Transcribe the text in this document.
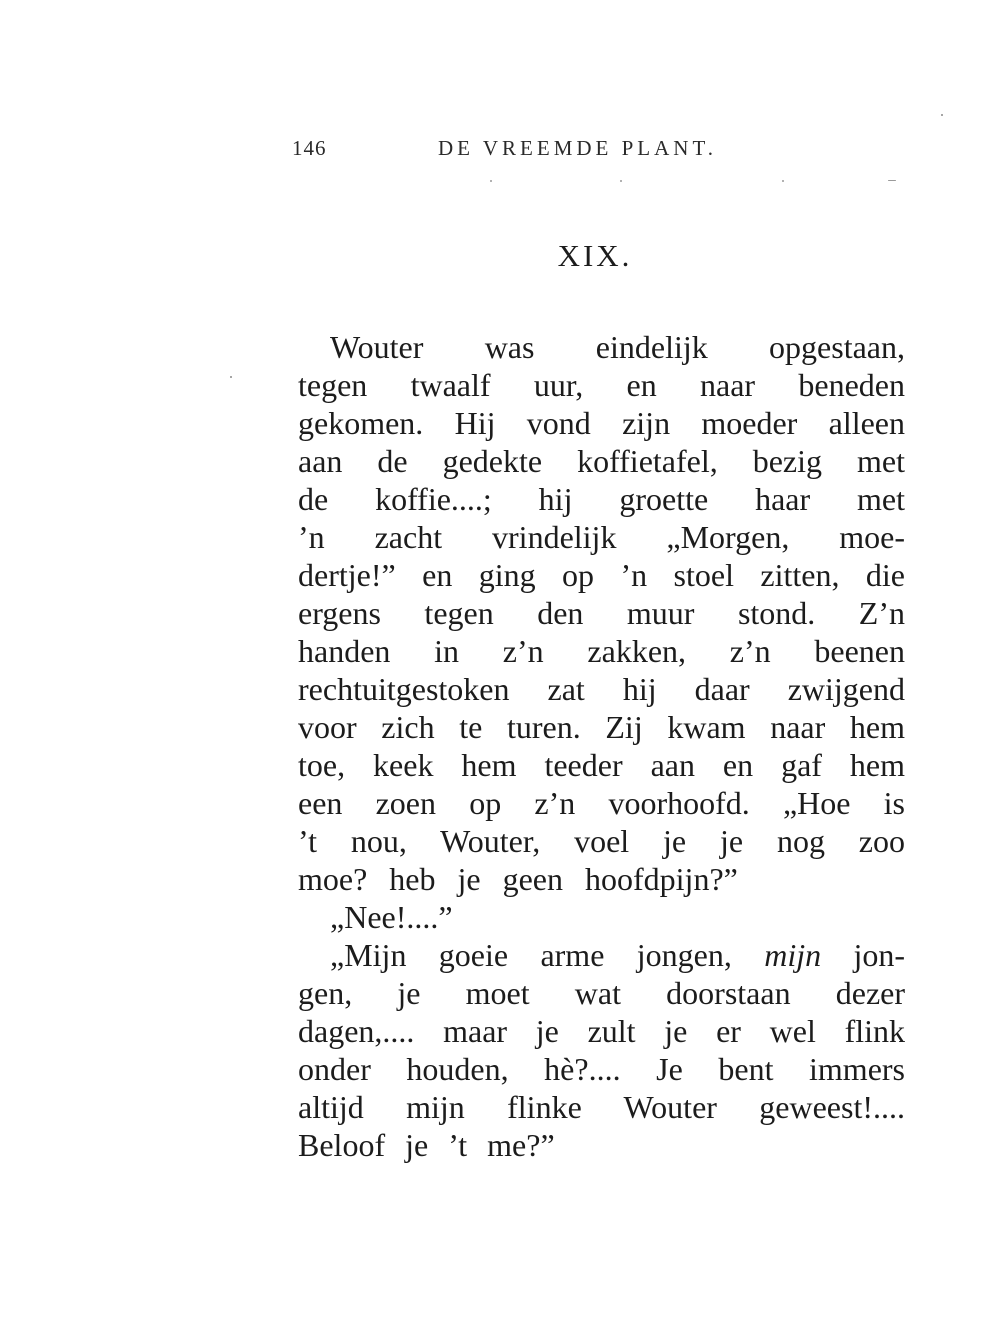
146	DE VREEMDE PLANT.
XIX.
Wouter was eindelijk opgestaan,
tegen twaalf uur, en naar beneden
gekomen. Hij vond zijn moeder alleen
aan de gedekte koffietafel, bezig met
de koffie....; hij groette haar met
’n zacht vrindelijk „Morgen, moe-
dertje!” en ging op ’n stoel zitten, die
ergens tegen den muur stond. Z’n
handen in z’n zakken, z’n beenen
rechtuitgestoken zat hij daar zwijgend
voor zich te turen. Zij kwam naar hem
toe, keek hem teeder aan en gaf hem
een zoen op z’n voorhoofd. „Hoe is
’t nou, Wouter, voel je je nog zoo
moe? heb je geen hoofdpijn?”
„Nee!....”
„Mijn goeie arme jongen, mijn jon-
gen, je moet wat doorstaan dezer
dagen,.... maar je zult je er wel flink
onder houden, hè?.... Je bent immers
altijd mijn flinke Wouter geweest!....
Beloof je ’t me?”
